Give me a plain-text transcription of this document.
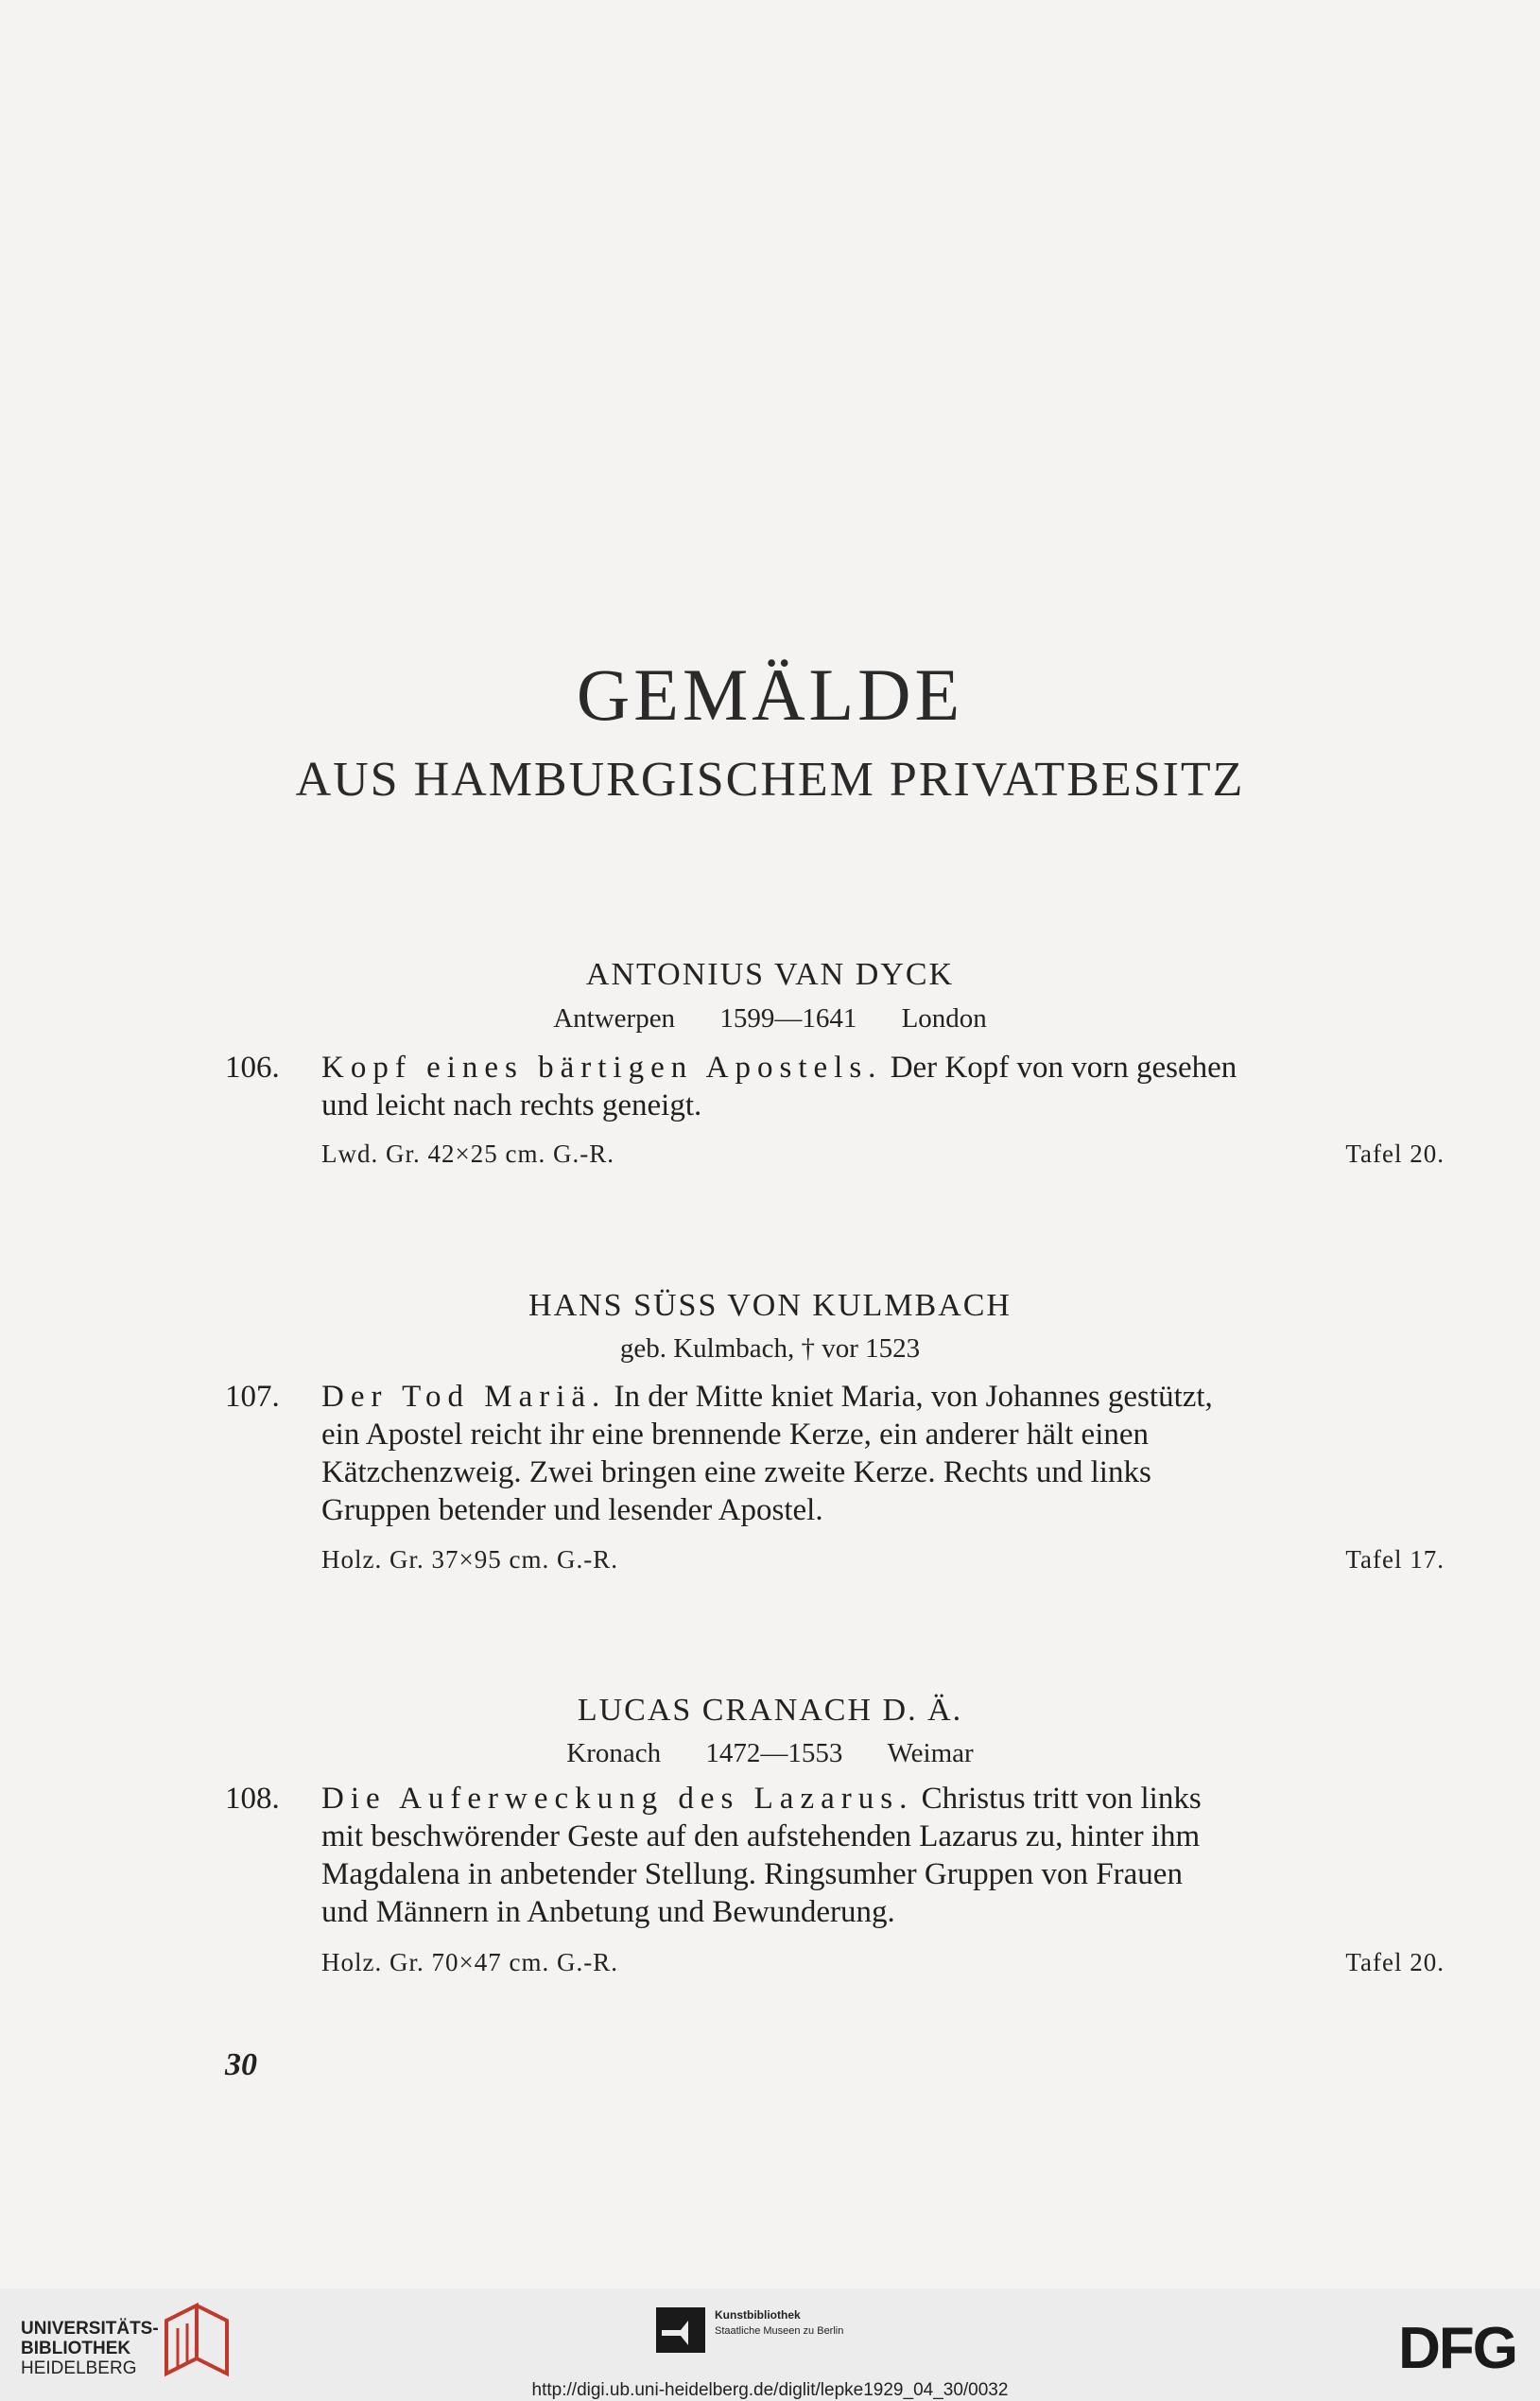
GEMÄLDE
AUS HAMBURGISCHEM PRIVATBESITZ
ANTONIUS VAN DYCK
Antwerpen 1599—1641 London
106.	Kopf eines bärtigen Apostels. Der Kopf von vorn gesehen
und leicht nach rechts geneigt.
Lwd. Gr. 42×25 cm. G.-R.	Tafel 20.
HANS SÜSS VON KULMBACH
geb. Kulmbach, † vor 1523
107.	Der Tod Mariä. In der Mitte kniet Maria, von Johannes gestützt,
ein Apostel reicht ihr eine brennende Kerze, ein anderer hält einen
Kätzchenzweig. Zwei bringen eine zweite Kerze. Rechts und links
Gruppen betender und lesender Apostel.
Holz. Gr. 37×95 cm. G.-R.	Tafel 17.
LUCAS CRANACH D. Ä.
Kronach 1472—1553 Weimar
108.	Die Auferweckung des Lazarus. Christus tritt von links
mit beschwörender Geste auf den aufstehenden Lazarus zu, hinter ihm
Magdalena in anbetender Stellung. Ringsumher Gruppen von Frauen
und Männern in Anbetung und Bewunderung.
Holz. Gr. 70×47 cm. G.-R.	Tafel 20.
30
UNIVERSITÄTS-
BIBLIOTHEK
HEIDELBERG
Kunstbibliothek
Staatliche Museen zu Berlin	DFG
http://digi.ub.uni-heidelberg.de/diglit/lepke1929_04_30/0032
